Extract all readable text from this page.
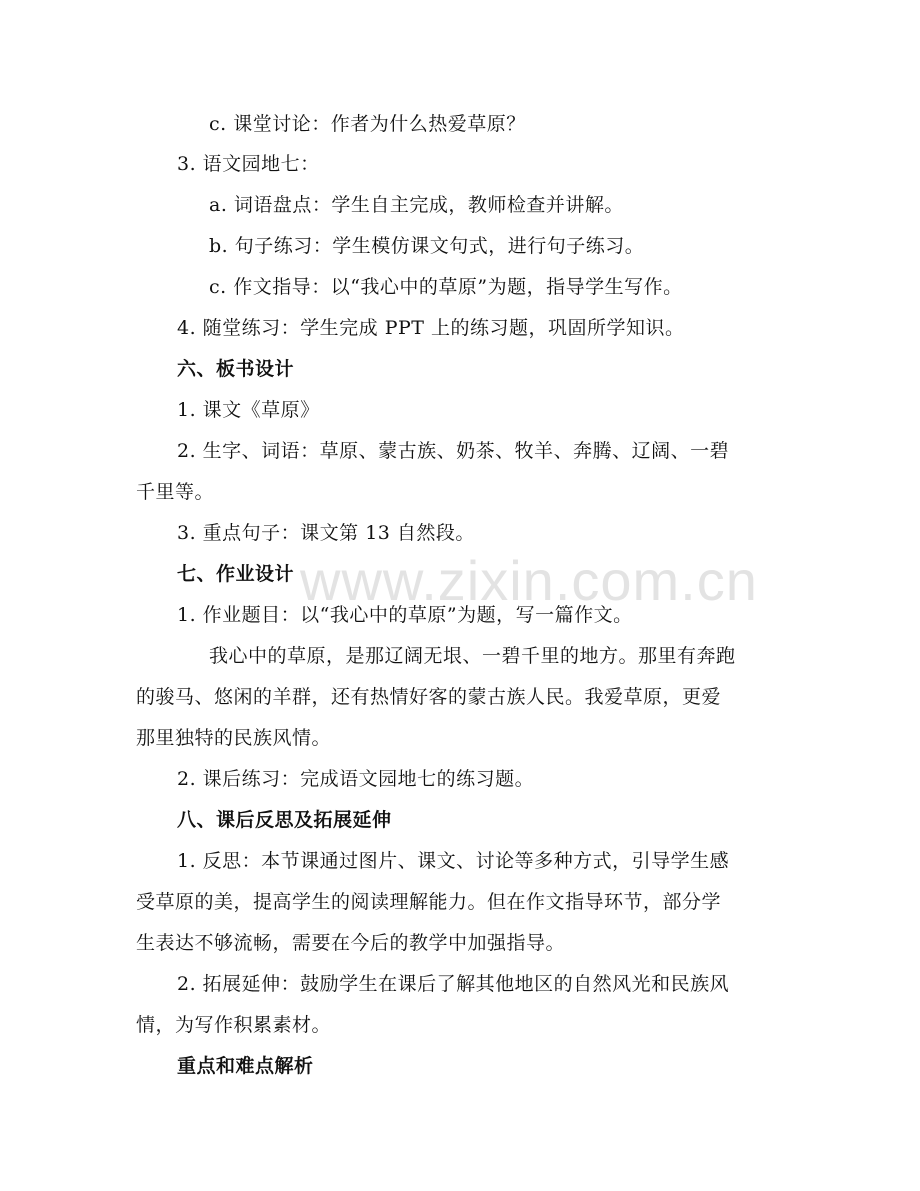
www.zixin.com.cn
c. 课堂讨论：作者为什么热爱草原？
3. 语文园地七：
a. 词语盘点：学生自主完成，教师检查并讲解。
b. 句子练习：学生模仿课文句式，进行句子练习。
c. 作文指导：以“我心中的草原”为题，指导学生写作。
4. 随堂练习：学生完成 PPT 上的练习题，巩固所学知识。
六、板书设计
1. 课文《草原》
2. 生字、词语：草原、蒙古族、奶茶、牧羊、奔腾、辽阔、一碧
千里等。
3. 重点句子：课文第 13 自然段。
七、作业设计
1. 作业题目：以“我心中的草原”为题，写一篇作文。
我心中的草原，是那辽阔无垠、一碧千里的地方。那里有奔跑
的骏马、悠闲的羊群，还有热情好客的蒙古族人民。我爱草原，更爱
那里独特的民族风情。
2. 课后练习：完成语文园地七的练习题。
八、课后反思及拓展延伸
1. 反思：本节课通过图片、课文、讨论等多种方式，引导学生感
受草原的美，提高学生的阅读理解能力。但在作文指导环节，部分学
生表达不够流畅，需要在今后的教学中加强指导。
2. 拓展延伸：鼓励学生在课后了解其他地区的自然风光和民族风
情，为写作积累素材。
重点和难点解析
